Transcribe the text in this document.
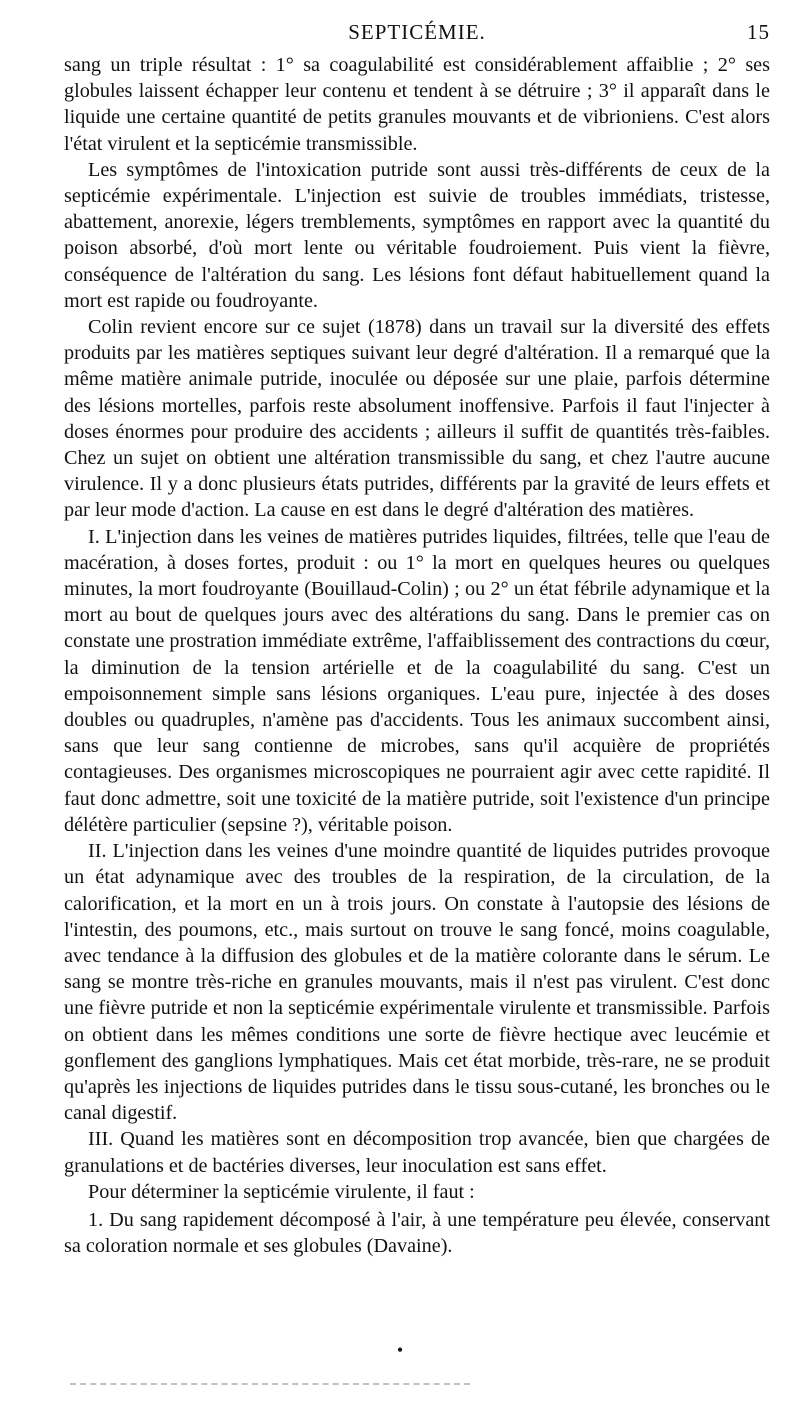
SEPTICÉMIE.	15

sang un triple résultat : 1° sa coagulabilité est considérablement affaiblie ; 2° ses globules laissent échapper leur contenu et tendent à se détruire ; 3° il apparaît dans le liquide une certaine quantité de petits granules mouvants et de vibrioniens. C'est alors l'état virulent et la septicémie transmissible.

Les symptômes de l'intoxication putride sont aussi très-différents de ceux de la septicémie expérimentale. L'injection est suivie de troubles immédiats, tristesse, abattement, anorexie, légers tremblements, symptômes en rapport avec la quantité du poison absorbé, d'où mort lente ou véritable foudroiement. Puis vient la fièvre, conséquence de l'altération du sang. Les lésions font défaut habituellement quand la mort est rapide ou foudroyante.

Colin revient encore sur ce sujet (1878) dans un travail sur la diversité des effets produits par les matières septiques suivant leur degré d'altération. Il a remarqué que la même matière animale putride, inoculée ou déposée sur une plaie, parfois détermine des lésions mortelles, parfois reste absolument inoffensive. Parfois il faut l'injecter à doses énormes pour produire des accidents ; ailleurs il suffit de quantités très-faibles. Chez un sujet on obtient une altération transmissible du sang, et chez l'autre aucune virulence. Il y a donc plusieurs états putrides, différents par la gravité de leurs effets et par leur mode d'action. La cause en est dans le degré d'altération des matières.

I. L'injection dans les veines de matières putrides liquides, filtrées, telle que l'eau de macération, à doses fortes, produit : ou 1° la mort en quelques heures ou quelques minutes, la mort foudroyante (Bouillaud-Colin) ; ou 2° un état fébrile adynamique et la mort au bout de quelques jours avec des altérations du sang. Dans le premier cas on constate une prostration immédiate extrême, l'affaiblissement des contractions du cœur, la diminution de la tension artérielle et de la coagulabilité du sang. C'est un empoisonnement simple sans lésions organiques. L'eau pure, injectée à des doses doubles ou quadruples, n'amène pas d'accidents. Tous les animaux succombent ainsi, sans que leur sang contienne de microbes, sans qu'il acquière de propriétés contagieuses. Des organismes microscopiques ne pourraient agir avec cette rapidité. Il faut donc admettre, soit une toxicité de la matière putride, soit l'existence d'un principe délétère particulier (sepsine ?), véritable poison.

II. L'injection dans les veines d'une moindre quantité de liquides putrides provoque un état adynamique avec des troubles de la respiration, de la circulation, de la calorification, et la mort en un à trois jours. On constate à l'autopsie des lésions de l'intestin, des poumons, etc., mais surtout on trouve le sang foncé, moins coagulable, avec tendance à la diffusion des globules et de la matière colorante dans le sérum. Le sang se montre très-riche en granules mouvants, mais il n'est pas virulent. C'est donc une fièvre putride et non la septicémie expérimentale virulente et transmissible. Parfois on obtient dans les mêmes conditions une sorte de fièvre hectique avec leucémie et gonflement des ganglions lymphatiques. Mais cet état morbide, très-rare, ne se produit qu'après les injections de liquides putrides dans le tissu sous-cutané, les bronches ou le canal digestif.

III. Quand les matières sont en décomposition trop avancée, bien que chargées de granulations et de bactéries diverses, leur inoculation est sans effet.

Pour déterminer la septicémie virulente, il faut :

1. Du sang rapidement décomposé à l'air, à une température peu élevée, conservant sa coloration normale et ses globules (Davaine).

•
